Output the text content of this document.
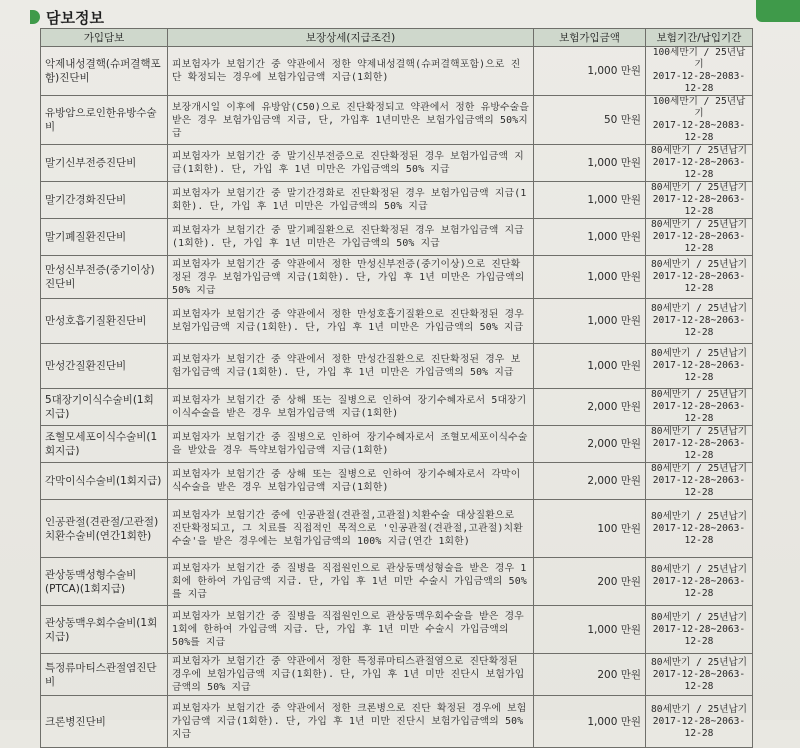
담보정보
가입담보	보장상세(지급조건)	보험가입금액	보험기간/납입기간
악제내성결핵(슈퍼결핵포함)진단비	피보험자가 보험기간 중 약관에서 정한 약제내성결핵(슈퍼결핵포함)으로 진단 확정되는 경우에 보험가입금액 지급(1회한)	1,000 만원	100세만기 / 25년납기
2017-12-28~2083-12-28

유방암으로인한유방수술비	보장개시일 이후에 유방암(C50)으로 진단확정되고 약관에서 정한 유방수술을 받은 경우 보험가입금액 지급, 단, 가입후 1년미만은 보험가입금액의 50%지급	50 만원	100세만기 / 25년납기
2017-12-28~2083-12-28

말기신부전증진단비	피보험자가 보험기간 중 말기신부전증으로 진단확정된 경우 보험가입금액 지급(1회한). 단, 가입 후 1년 미만은 가입금액의 50% 지급	1,000 만원	80세만기 / 25년납기
2017-12-28~2063-12-28

말기간경화진단비	피보험자가 보험기간 중 말기간경화로 진단확정된 경우 보험가입금액 지급(1회한). 단, 가입 후 1년 미만은 가입금액의 50% 지급	1,000 만원	80세만기 / 25년납기
2017-12-28~2063-12-28

말기폐질환진단비	피보험자가 보험기간 중 말기폐질환으로 진단확정된 경우 보험가입금액 지급(1회한). 단, 가입 후 1년 미만은 가입금액의 50% 지급	1,000 만원	80세만기 / 25년납기
2017-12-28~2063-12-28

만성신부전증(중기이상)진단비	피보험자가 보험기간 중 약관에서 정한 만성신부전증(중기이상)으로 진단확정된 경우 보험가입금액 지급(1회한). 단, 가입 후 1년 미만은 가입금액의 50% 지급	1,000 만원	80세만기 / 25년납기
2017-12-28~2063-12-28

만성호흡기질환진단비	피보험자가 보험기간 중 약관에서 정한 만성호흡기질환으로 진단확정된 경우 보험가입금액 지급(1회한). 단, 가입 후 1년 미만은 가입금액의 50% 지급	1,000 만원	80세만기 / 25년납기
2017-12-28~2063-12-28

만성간질환진단비	피보험자가 보험기간 중 약관에서 정한 만성간질환으로 진단확정된 경우 보험가입금액 지급(1회한). 단, 가입 후 1년 미만은 가입금액의 50% 지급	1,000 만원	80세만기 / 25년납기
2017-12-28~2063-12-28

5대장기이식수술비(1회지급)	피보험자가 보험기간 중 상해 또는 질병으로 인하여 장기수혜자로서 5대장기이식수술을 받은 경우 보험가입금액 지급(1회한)	2,000 만원	80세만기 / 25년납기
2017-12-28~2063-12-28

조혈모세포이식수술비(1회지급)	피보험자가 보험기간 중 질병으로 인하여 장기수혜자로서 조혈모세포이식수술을 받았을 경우 특약보험가입금액 지급(1회한)	2,000 만원	80세만기 / 25년납기
2017-12-28~2063-12-28

각막이식수술비(1회지급)	피보험자가 보험기간 중 상해 또는 질병으로 인하여 장기수혜자로서 각막이식수술을 받은 경우 보험가입금액 지급(1회한)	2,000 만원	80세만기 / 25년납기
2017-12-28~2063-12-28

인공관절(견관절/고관절)치환수술비(연간1회한)	피보험자가 보험기간 중에 인공관절(견관절,고관절)치환수술 대상질환으로 진단확정되고, 그 치료를 직접적인 목적으로 '인공관절(견관절,고관절)치환수술'을 받은 경우에는 보험가입금액의 100% 지급(연간 1회한)	100 만원	80세만기 / 25년납기
2017-12-28~2063-12-28

관상동맥성형수술비(PTCA)(1회지급)	피보험자가 보험기간 중 질병을 직접원인으로 관상동맥성형술을 받은 경우 1회에 한하여 가입금액 지급. 단, 가입 후 1년 미만 수술시 가입금액의 50%를 지급	200 만원	80세만기 / 25년납기
2017-12-28~2063-12-28

관상동맥우회수술비(1회지급)	피보험자가 보험기간 중 질병을 직접원인으로 관상동맥우회수술을 받은 경우 1회에 한하여 가입금액 지급. 단, 가입 후 1년 미만 수술시 가입금액의 50%를 지급	1,000 만원	80세만기 / 25년납기
2017-12-28~2063-12-28

특정류마티스관절염진단비	피보험자가 보험기간 중 약관에서 정한 특정류마티스관절염으로 진단확정된 경우에 보험가입금액 지급(1회한). 단, 가입 후 1년 미만 진단시 보험가입금액의 50% 지급	200 만원	80세만기 / 25년납기
2017-12-28~2063-12-28

크론병진단비	피보험자가 보험기간 중 약관에서 정한 크론병으로 진단 확정된 경우에 보험가입금액 지급(1회한). 단, 가입 후 1년 미만 진단시 보험가입금액의 50% 지급	1,000 만원	80세만기 / 25년납기
2017-12-28~2063-12-28
